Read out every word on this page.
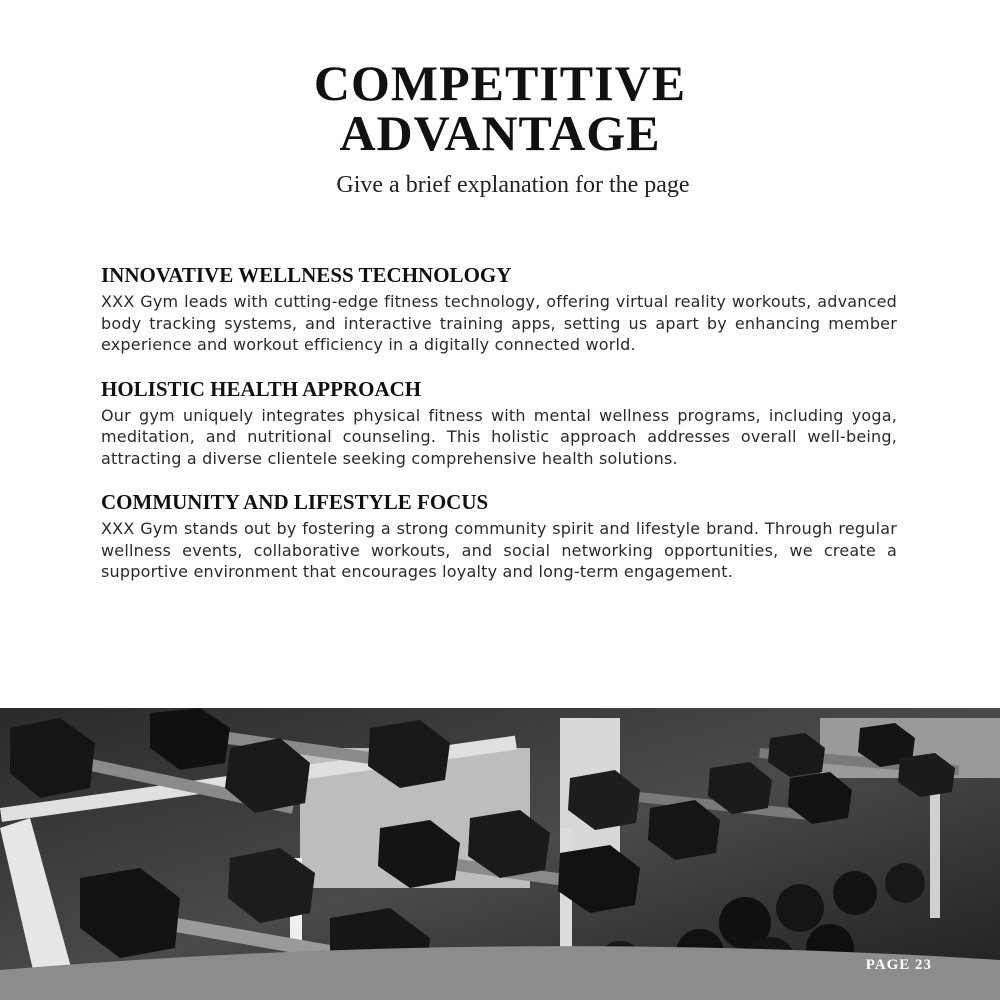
COMPETITIVE
ADVANTAGE

Give a brief explanation for the page

INNOVATIVE WELLNESS TECHNOLOGY

XXX Gym leads with cutting-edge fitness technology, offering virtual reality workouts, advanced body tracking systems, and interactive training apps, setting us apart by enhancing member experience and workout efficiency in a digitally connected world.

HOLISTIC HEALTH APPROACH

Our gym uniquely integrates physical fitness with mental wellness programs, including yoga, meditation, and nutritional counseling. This holistic approach addresses overall well-being, attracting a diverse clientele seeking comprehensive health solutions.

COMMUNITY AND LIFESTYLE FOCUS

XXX Gym stands out by fostering a strong community spirit and lifestyle brand. Through regular wellness events, collaborative workouts, and social networking opportunities, we create a supportive environment that encourages loyalty and long-term engagement.

PAGE 23
